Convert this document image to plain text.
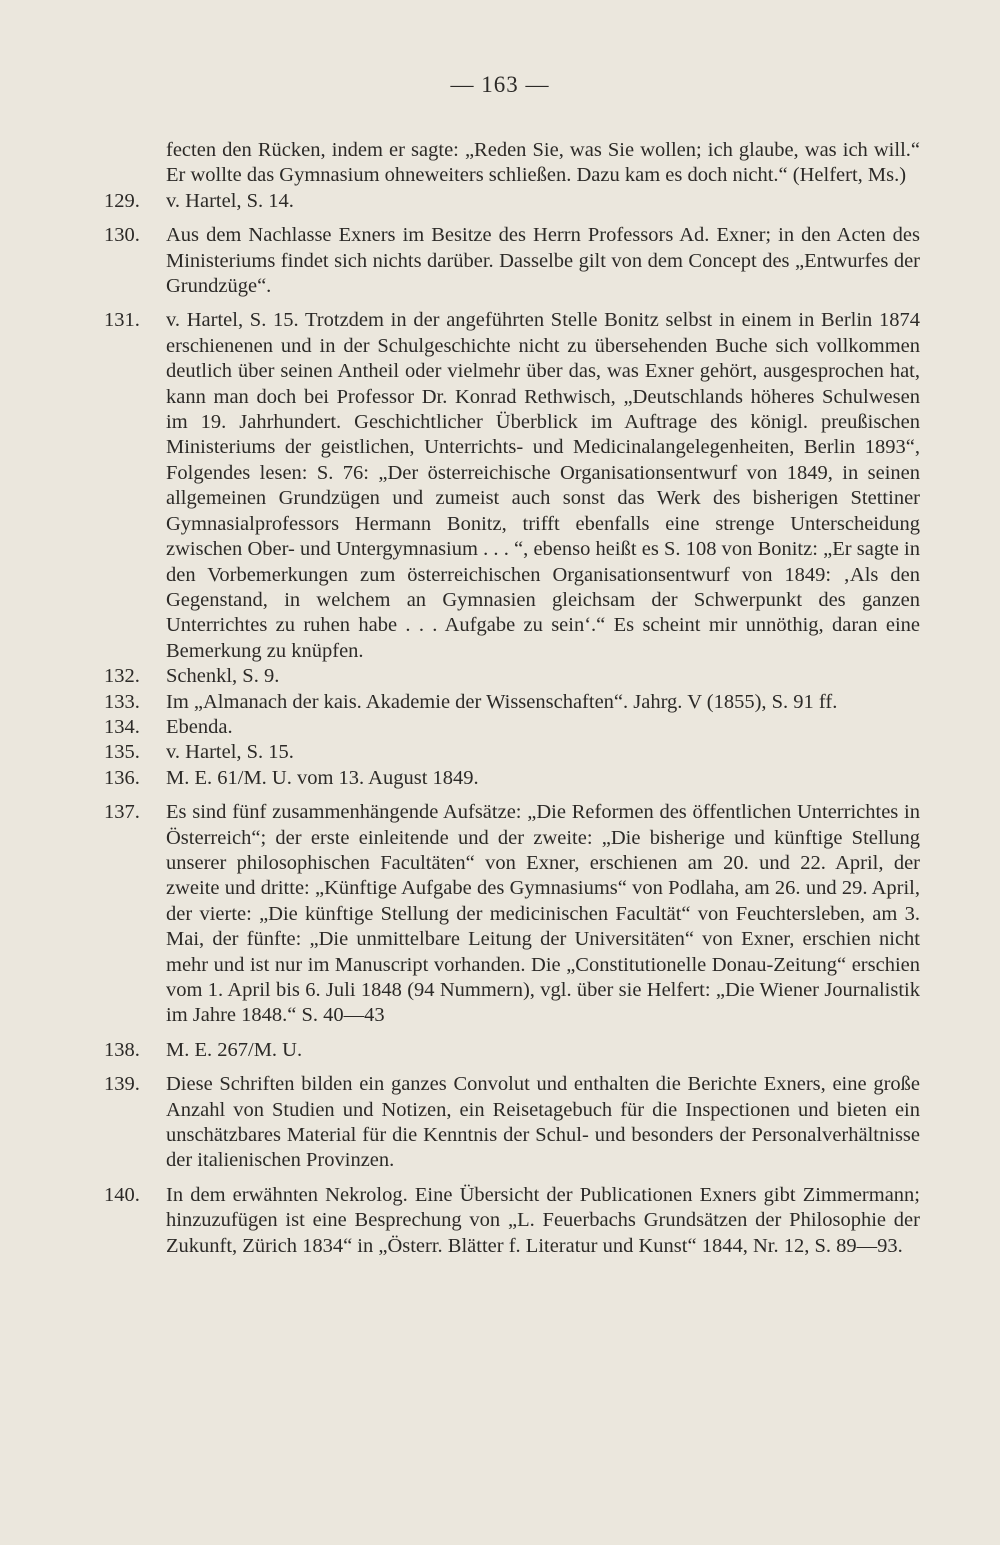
— 163 —
fecten den Rücken, indem er sagte: „Reden Sie, was Sie wollen; ich glaube, was ich will.“ Er wollte das Gymnasium ohneweiters schließen. Dazu kam es doch nicht.“ (Helfert, Ms.)
129.	v. Hartel, S. 14.
130.	Aus dem Nachlasse Exners im Besitze des Herrn Professors Ad. Exner; in den Acten des Ministeriums findet sich nichts darüber. Dasselbe gilt von dem Concept des „Entwurfes der Grundzüge“.
131.	v. Hartel, S. 15. Trotzdem in der angeführten Stelle Bonitz selbst in einem in Berlin 1874 erschienenen und in der Schulgeschichte nicht zu übersehenden Buche sich vollkommen deutlich über seinen Antheil oder vielmehr über das, was Exner gehört, ausgesprochen hat, kann man doch bei Professor Dr. Konrad Rethwisch, „Deutschlands höheres Schulwesen im 19. Jahrhundert. Geschichtlicher Überblick im Auftrage des königl. preußischen Ministeriums der geistlichen, Unterrichts- und Medicinalangelegenheiten, Berlin 1893“, Folgendes lesen: S. 76: „Der österreichische Organisationsentwurf von 1849, in seinen allgemeinen Grundzügen und zumeist auch sonst das Werk des bisherigen Stettiner Gymnasialprofessors Hermann Bonitz, trifft ebenfalls eine strenge Unterscheidung zwischen Ober- und Untergymnasium . . . “, ebenso heißt es S. 108 von Bonitz: „Er sagte in den Vorbemerkungen zum österreichischen Organisationsentwurf von 1849: ‚Als den Gegenstand, in welchem an Gymnasien gleichsam der Schwerpunkt des ganzen Unterrichtes zu ruhen habe . . . Aufgabe zu sein‘.“ Es scheint mir unnöthig, daran eine Bemerkung zu knüpfen.
132.	Schenkl, S. 9.
133.	Im „Almanach der kais. Akademie der Wissenschaften“. Jahrg. V (1855), S. 91 ff.
134.	Ebenda.
135.	v. Hartel, S. 15.
136.	M. E. 61/M. U. vom 13. August 1849.
137.	Es sind fünf zusammenhängende Aufsätze: „Die Reformen des öffentlichen Unterrichtes in Österreich“; der erste einleitende und der zweite: „Die bisherige und künftige Stellung unserer philosophischen Facultäten“ von Exner, erschienen am 20. und 22. April, der zweite und dritte: „Künftige Aufgabe des Gymnasiums“ von Podlaha, am 26. und 29. April, der vierte: „Die künftige Stellung der medicinischen Facultät“ von Feuchtersleben, am 3. Mai, der fünfte: „Die unmittelbare Leitung der Universitäten“ von Exner, erschien nicht mehr und ist nur im Manuscript vorhanden. Die „Constitutionelle Donau-Zeitung“ erschien vom 1. April bis 6. Juli 1848 (94 Nummern), vgl. über sie Helfert: „Die Wiener Journalistik im Jahre 1848.“ S. 40—43
138.	M. E. 267/M. U.
139.	Diese Schriften bilden ein ganzes Convolut und enthalten die Berichte Exners, eine große Anzahl von Studien und Notizen, ein Reisetagebuch für die Inspectionen und bieten ein unschätzbares Material für die Kenntnis der Schul- und besonders der Personalverhältnisse der italienischen Provinzen.
140.	In dem erwähnten Nekrolog. Eine Übersicht der Publicationen Exners gibt Zimmermann; hinzuzufügen ist eine Besprechung von „L. Feuerbachs Grundsätzen der Philosophie der Zukunft, Zürich 1834“ in „Österr. Blätter f. Literatur und Kunst“ 1844, Nr. 12, S. 89—93.
